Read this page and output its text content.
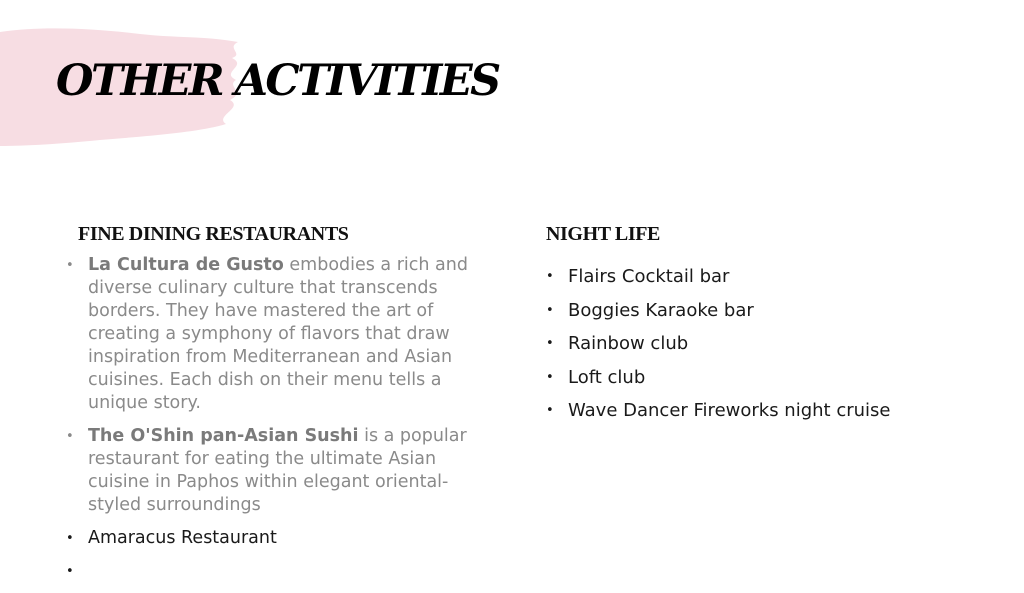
OTHER ACTIVITIES
FINE DINING RESTAURANTS	NIGHT LIFE
• La Cultura de Gusto embodies a rich and diverse culinary culture that transcends borders. They have mastered the art of creating a symphony of flavors that draw inspiration from Mediterranean and Asian cuisines. Each dish on their menu tells a unique story.
• The O'Shin pan-Asian Sushi is a popular restaurant for eating the ultimate Asian cuisine in Paphos within elegant oriental-styled surroundings
• Amaracus Restaurant
•

• Flairs Cocktail bar
• Boggies Karaoke bar
• Rainbow club
• Loft club
• Wave Dancer Fireworks night cruise
